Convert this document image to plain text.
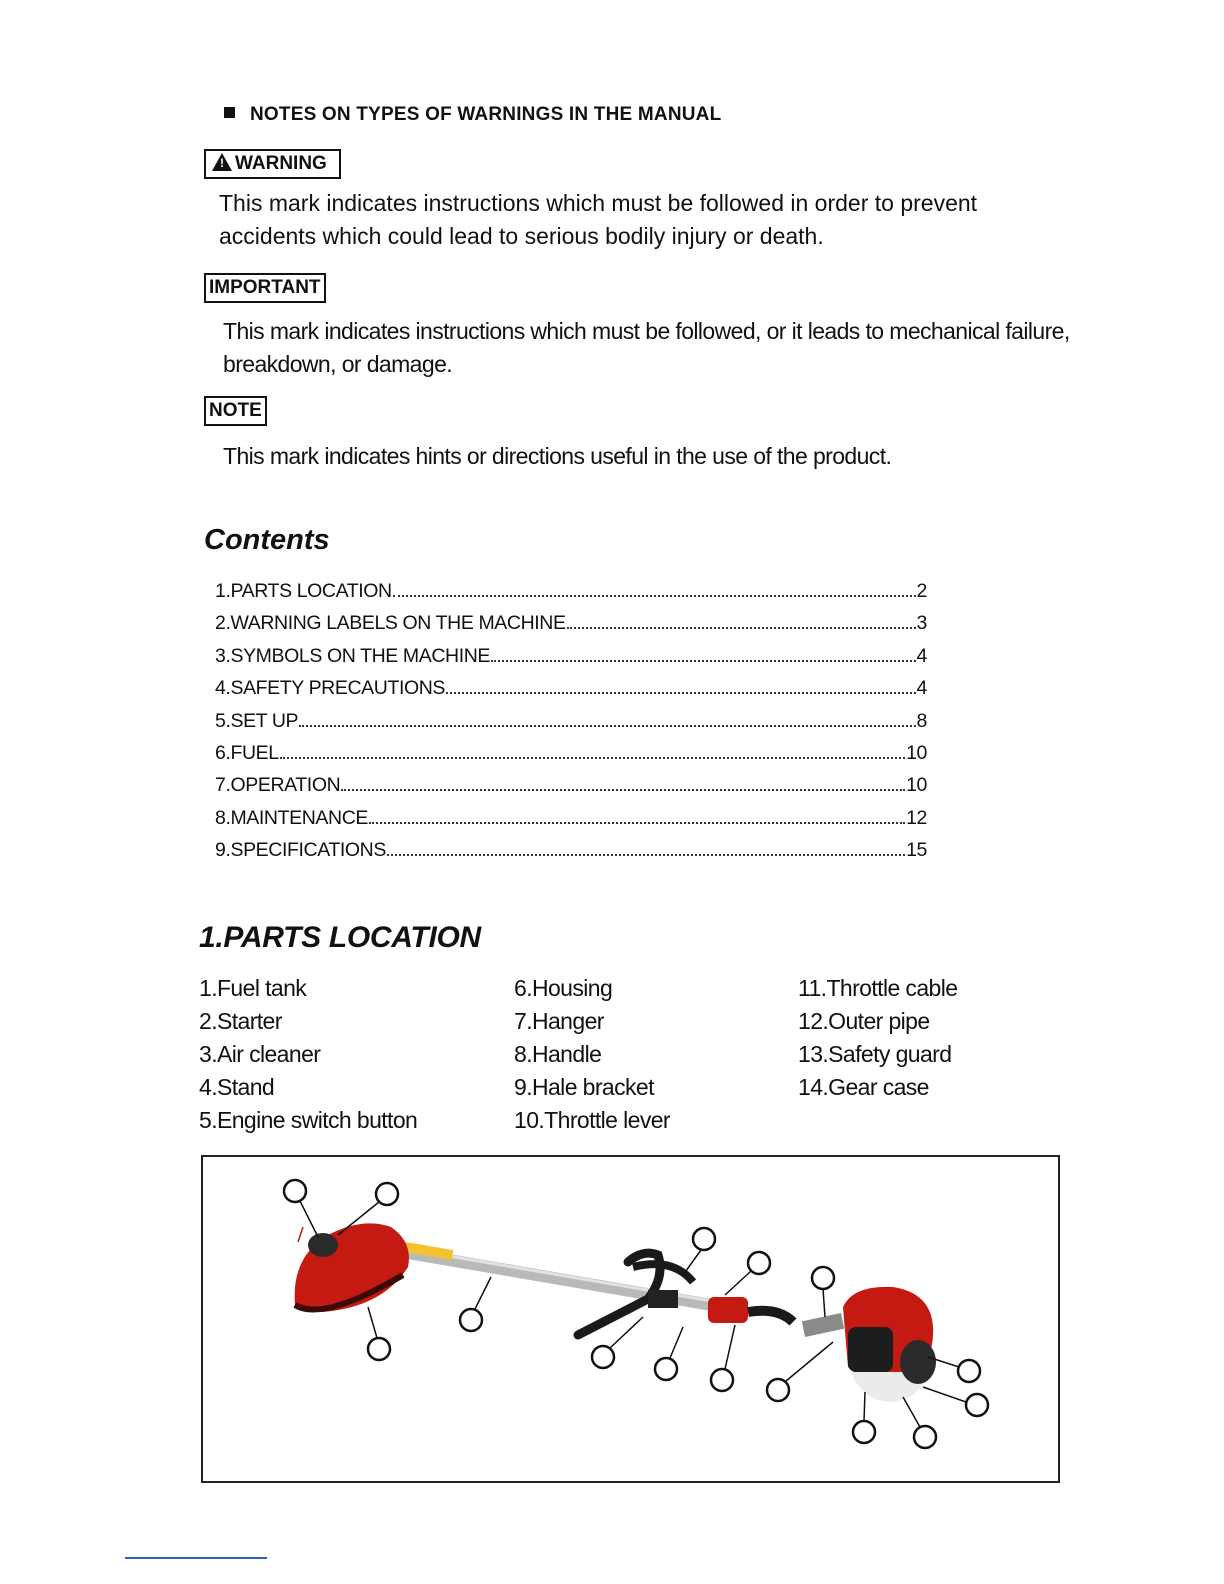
NOTES ON TYPES OF WARNINGS IN THE MANUAL
!WARNING
This mark indicates instructions which must be followed in order to prevent accidents which could lead to serious bodily injury or death.
IMPORTANT
This mark indicates instructions which must be followed, or it leads to mechanical failure, breakdown, or damage.
NOTE
This mark indicates hints or directions useful in the use of the product.
Contents
1.PARTS LOCATION	2
2.WARNING LABELS ON THE MACHINE	3
3.SYMBOLS ON THE MACHINE	4
4.SAFETY PRECAUTIONS	4
5.SET UP	8
6.FUEL	10
7.OPERATION	10
8.MAINTENANCE	12
9.SPECIFICATIONS	15
1.PARTS LOCATION
1.Fuel tank
2.Starter
3.Air cleaner
4.Stand
5.Engine switch button
6.Housing
7.Hanger
8.Handle
9.Hale bracket
10.Throttle lever
11.Throttle cable
12.Outer pipe
13.Safety guard
14.Gear case
